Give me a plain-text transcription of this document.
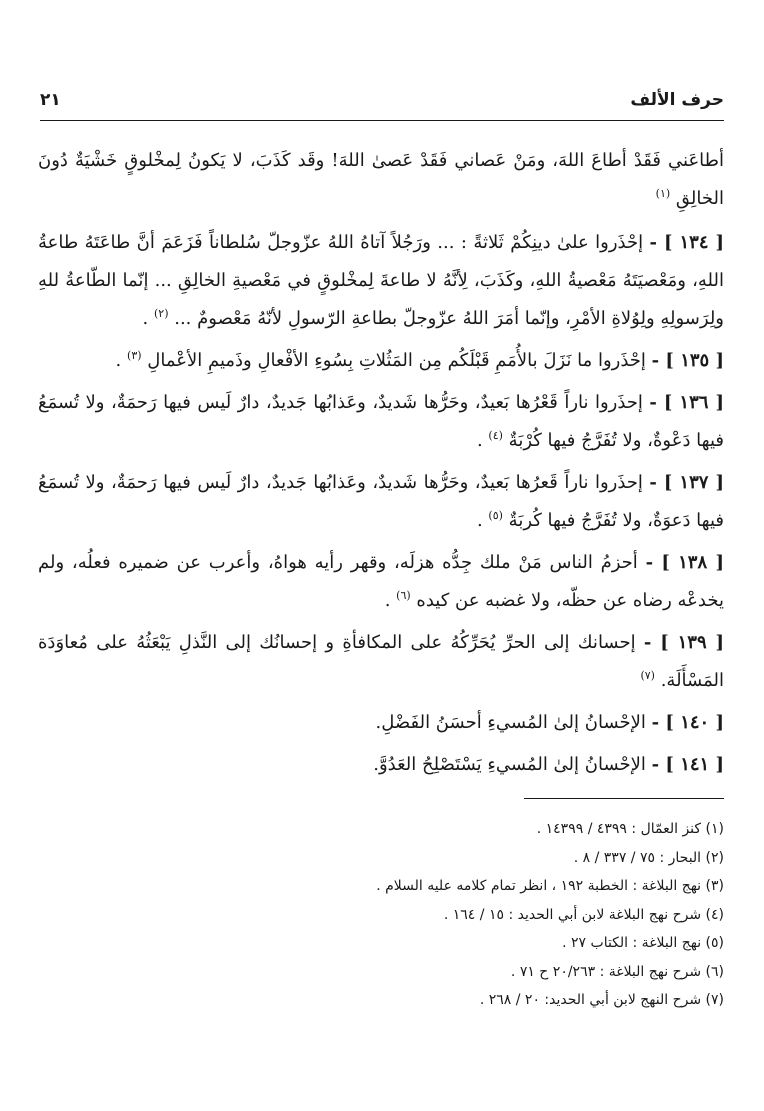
حرف الألف
٢١

أطاعَني فَقَدْ أطاعَ اللهَ، ومَنْ عَصاني فَقَدْ عَصىٰ اللهَ! وقَد كَذَبَ، لا يَكونُ لِمخْلوقٍ خَشْيَةٌ دُونَ الخالِقِ $^{(١)}$

[ ١٣٤ ] - إحْذَروا علىٰ دينِكُمْ ثَلاثةً : ... ورَجُلاً آتاهُ اللهُ عزّوجلّ سُلطاناً فَزَعَمَ أنَّ طاعَتَهُ طاعةُ اللهِ، ومَعْصيَتَهُ مَعْصيةُ اللهِ، وكَذَبَ، لِأنَّهُ لا طاعةَ لِمخْلوقٍ في مَعْصيةِ الخالِقِ ... إنّما الطّاعةُ للهِ ولِرَسولِهِ ولِوُلاةِ الأمْرِ، وإنّما أمَرَ اللهُ عزّوجلّ بطاعةِ الرّسولِ لأنّهُ مَعْصومٌ ... $^{(٢)}$ .

[ ١٣٥ ] - إحْذَروا ما نَزَلَ بالأُمَمِ قَبْلَكُم مِن المَثُلاتِ بِسُوءِ الأفْعالِ وذَميمِ الأعْمالِ $^{(٣)}$ .

[ ١٣٦ ] - إحذَروا ناراً قَعْرُها بَعيدٌ، وحَرُّها شَديدٌ، وعَذابُها جَديدٌ، دارٌ لَيس فيها رَحمَةٌ، ولا تُسمَعُ فيها دَعْوةٌ، ولا تُفَرَّجُ فيها كُرْبَةٌ $^{(٤)}$ .

[ ١٣٧ ] - إحذَروا ناراً قَعرُها بَعيدٌ، وحَرُّها شَديدٌ، وعَذابُها جَديدٌ، دارٌ لَيس فيها رَحمَةٌ، ولا تُسمَعُ فيها دَعوَةٌ، ولا تُفَرَّجُ فيها كُربَةٌ $^{(٥)}$ .

[ ١٣٨ ] - أحزمُ الناس مَنْ ملك جِدُّه هزلَه، وقهر رأيه هواهُ، وأعرب عن ضميره فعلُه، ولم يخدعْه رضاه عن حظّه، ولا غضبه عن كيده $^{(٦)}$ .

[ ١٣٩ ] - إحسانك إلى الحرِّ يُحَرِّكُهُ على المكافأةِ و إحسانُك إلى النَّذلِ يَبْعَثُهُ على مُعاوَدَة المَسْأَلَة. $^{(٧)}$

[ ١٤٠ ] - الإحْسانُ إلىٰ المُسيءِ أحسَنُ الفَضْلِ.

[ ١٤١ ] - الإحْسانُ إلىٰ المُسيءِ يَسْتَصْلِحُ العَدُوَّ.

(١) كنز العمّال : ٤٣٩٩ / ١٤٣٩٩ .
(٢) البحار : ٧٥ / ٣٣٧ / ٨ .
(٣) نهج البلاغة : الخطبة ١٩٢ ، انظر تمام كلامه عليه السلام .
(٤) شرح نهج البلاغة لابن أبي الحديد : ١٥ / ١٦٤ .
(٥) نهج البلاغة : الكتاب ٢٧ .
(٦) شرح نهج البلاغة : ٢٠/٢٦٣ ح ٧١ .
(٧) شرح النهج لابن أبي الحديد: ٢٠ / ٢٦٨ .
